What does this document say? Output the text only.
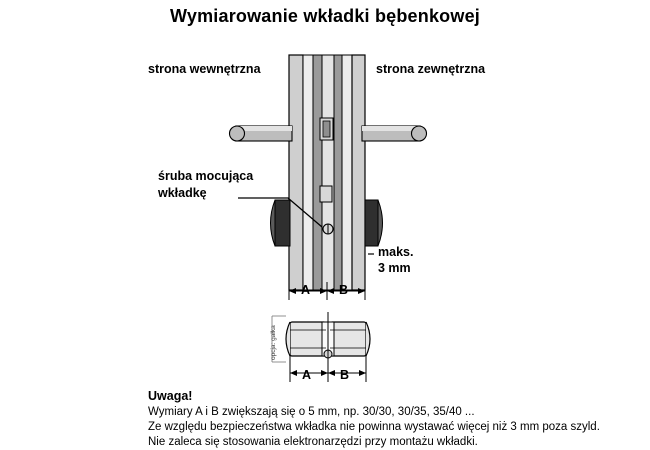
Wymiarowanie wkładki bębenkowej
strona wewnętrzna	strona zewnętrzna
śruba mocująca
wkładkę
maks.
3 mm
A B
A B
opcja: gałka
Uwaga!
Wymiary A i B zwiększają się o 5 mm, np. 30/30, 30/35, 35/40 ...
Ze względu bezpieczeństwa wkładka nie powinna wystawać więcej niż 3 mm poza szyld.
Nie zaleca się stosowania elektronarzędzi przy montażu wkładki.
